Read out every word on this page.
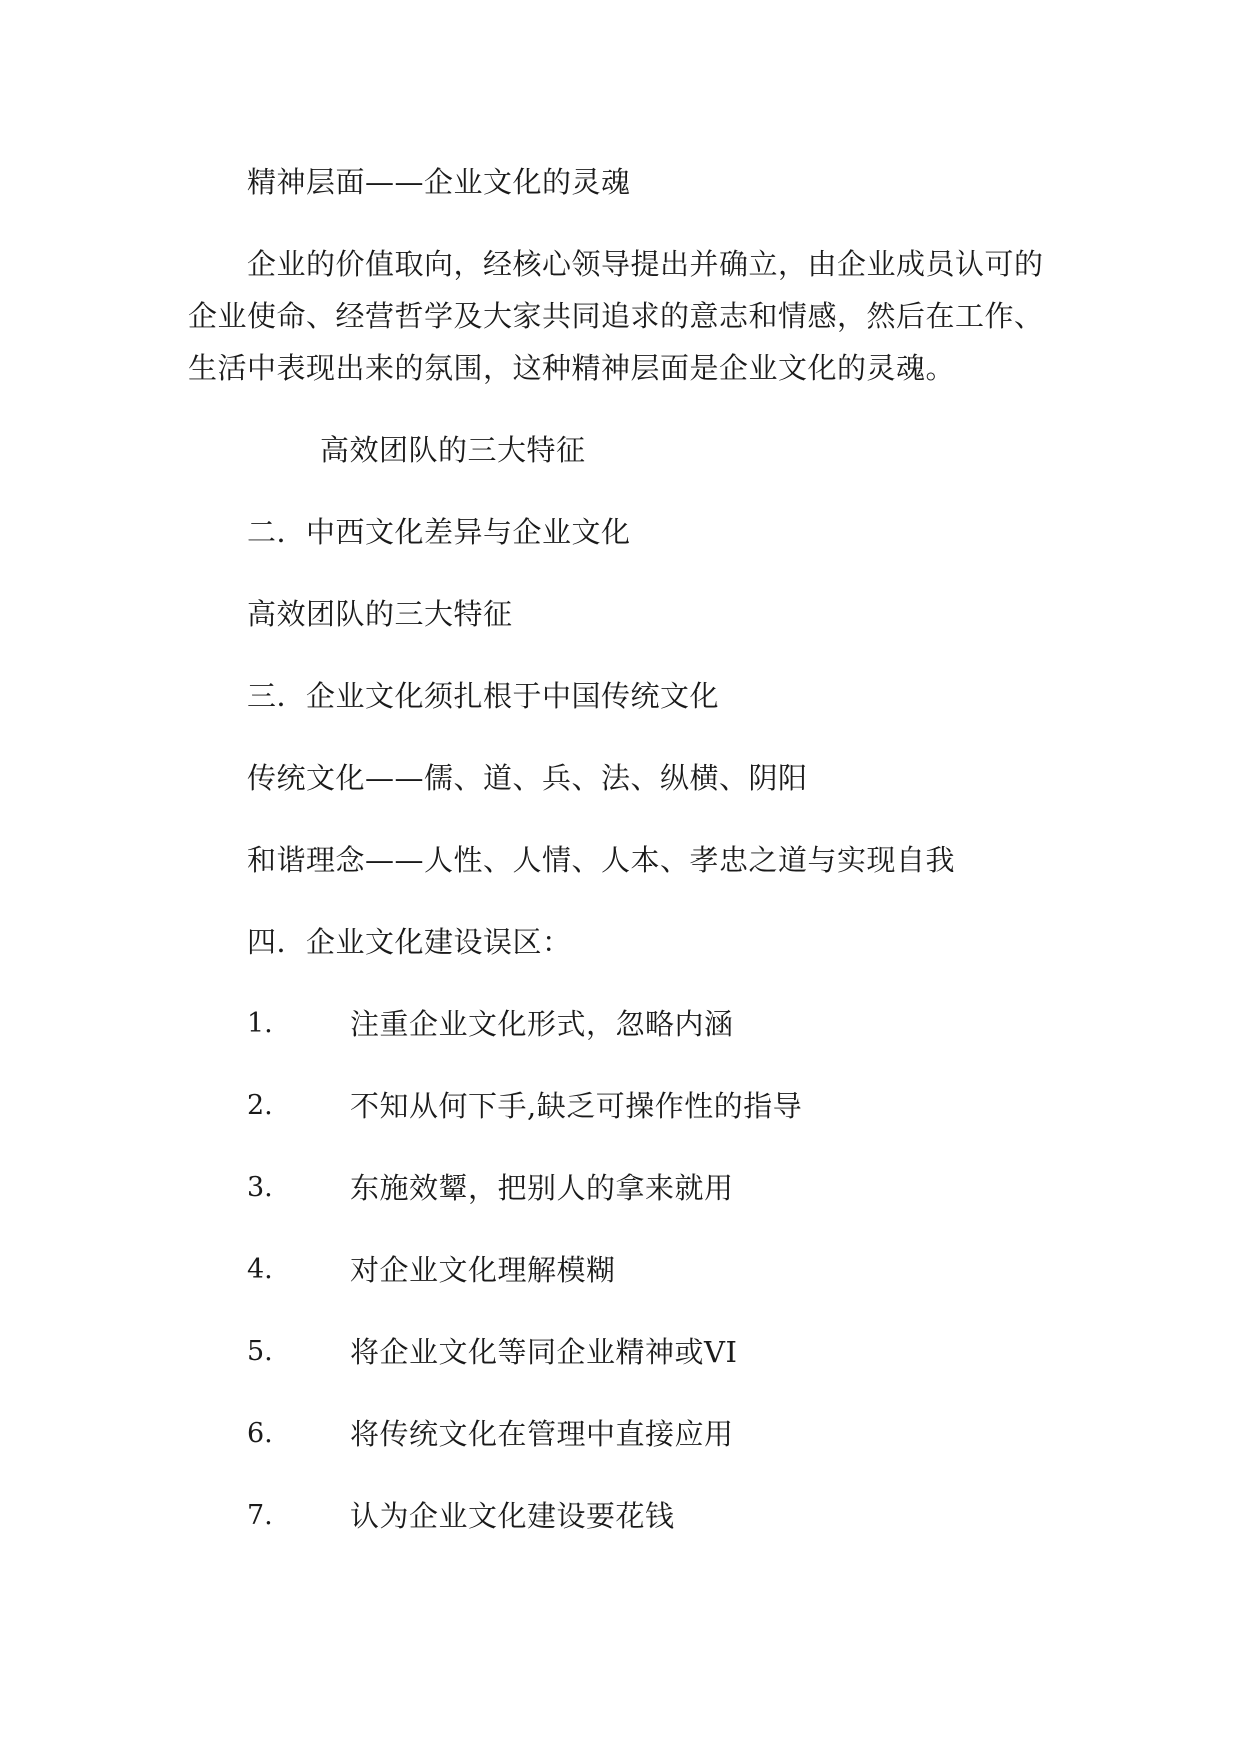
精神层面——企业文化的灵魂
企业的价值取向，经核心领导提出并确立，由企业成员认可的
企业使命、经营哲学及大家共同追求的意志和情感，然后在工作、
生活中表现出来的氛围，这种精神层面是企业文化的灵魂。
高效团队的三大特征
二．中西文化差异与企业文化
高效团队的三大特征
三．企业文化须扎根于中国传统文化
传统文化——儒、道、兵、法、纵横、阴阳
和谐理念——人性、人情、人本、孝忠之道与实现自我
四．企业文化建设误区：
1.	注重企业文化形式，忽略内涵
2.	不知从何下手,缺乏可操作性的指导
3.	东施效颦，把别人的拿来就用
4.	对企业文化理解模糊
5.	将企业文化等同企业精神或VI
6.	将传统文化在管理中直接应用
7.	认为企业文化建设要花钱
